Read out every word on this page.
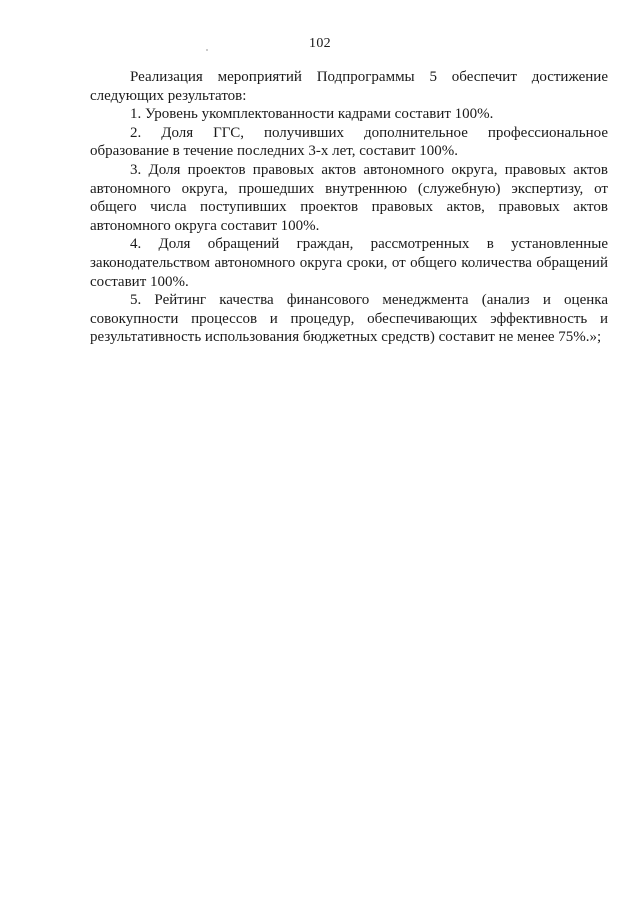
102

Реализация мероприятий Подпрограммы 5 обеспечит достижение следующих результатов:

1. Уровень укомплектованности кадрами составит 100%.

2. Доля ГГС, получивших дополнительное профессиональное образование в течение последних 3-х лет, составит 100%.

3. Доля проектов правовых актов автономного округа, правовых актов автономного округа, прошедших внутреннюю (служебную) экспертизу, от общего числа поступивших проектов правовых актов, правовых актов автономного округа составит 100%.

4. Доля обращений граждан, рассмотренных в установленные законодательством автономного округа сроки, от общего количества обращений составит 100%.

5. Рейтинг качества финансового менеджмента (анализ и оценка совокупности процессов и процедур, обеспечивающих эффективность и результативность использования бюджетных средств) составит не менее 75%.»;
